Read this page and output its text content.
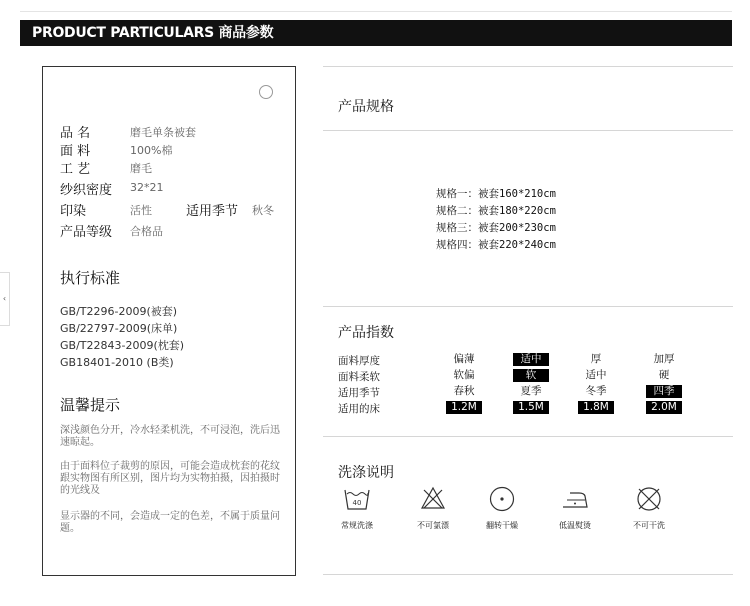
PRODUCT PARTICULARS 商品参数
‹
品 名	磨毛单条被套
面 料	100%棉
工 艺	磨毛
纱织密度 32*21
印染	活性	适用季节 秋冬
产品等级 合格品
执行标准
GB/T2296-2009(被套)
GB/22797-2009(床单)
GB/T22843-2009(枕套)
GB18401-2010 (B类)
温馨提示
深浅颜色分开，冷水轻柔机洗，不可浸泡，洗后迅速晾起。
由于面料位子裁剪的原因，可能会造成枕套的花纹跟实物图有所区别，图片均为实物拍摄，因拍摄时的光线及
显示器的不同，会造成一定的色差，不属于质量问题。
产品规格
规格一：被套160*210cm
规格二：被套180*220cm
规格三：被套200*230cm
规格四：被套220*240cm
产品指数
面料厚度	偏薄	适中	厚	加厚
面料柔软	软偏	软	适中	硬
适用季节	春秋	夏季	冬季	四季
适用的床	1.2M	1.5M	1.8M	2.0M
洗涤说明
40
常规洗涤	不可氯漂	翻转干燥	低温熨烫	不可干洗
